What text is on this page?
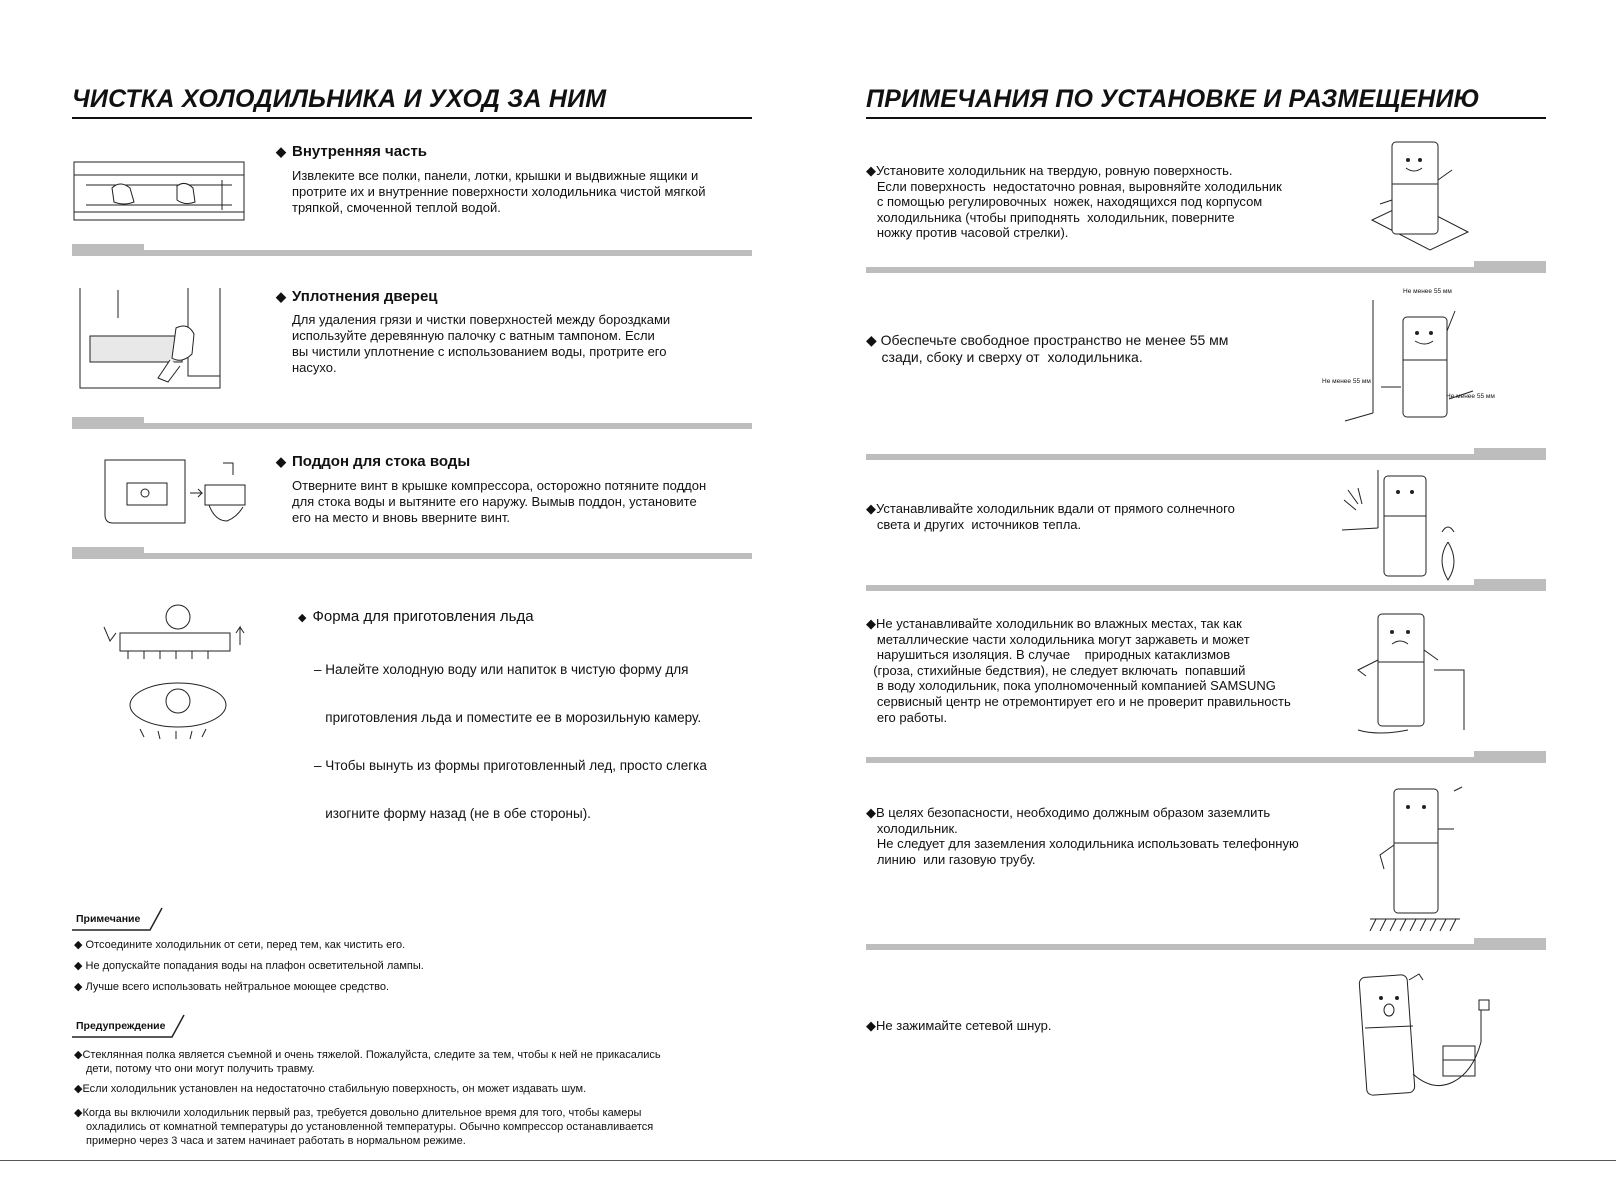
ЧИСТКА ХОЛОДИЛЬНИКА И УХОД ЗА НИМ
◆ Внутренняя часть
Извлеките все полки, панели, лотки, крышки и выдвижные ящики и
протрите их и внутренние поверхности холодильника чистой мягкой
тряпкой, смоченной теплой водой.
◆ Уплотнения дверец
Для удаления грязи и чистки поверхностей между бороздками
используйте деревянную палочку с ватным тампоном. Если
вы чистили уплотнение с использованием воды, протрите его
насухо.
◆ Поддон для стока воды
Отверните винт в крышке компрессора, осторожно потяните поддон
для стока воды и вытяните его наружу. Вымыв поддон, установите
его на место и вновь вверните винт.
◆ Форма для приготовления льда

– Налейте холодную воду или напиток в чистую форму для

приготовления льда и поместите ее в морозильную камеру.

– Чтобы вынуть из формы приготовленный лед, просто слегка

изогните форму назад (не в обе стороны).

Примечание
◆ Отсоедините холодильник от сети, перед тем, как чистить его.
◆ Не допускайте попадания воды на плафон осветительной лампы.
◆ Лучше всего использовать нейтральное моющее средство.
Предупреждение
◆Стеклянная полка является съемной и очень тяжелой. Пожалуйста, следите за тем, чтобы к ней не прикасались
дети, потому что они могут получить травму.
◆Если холодильник установлен на недостаточно стабильную поверхность, он может издавать шум.
◆Когда вы включили холодильник первый раз, требуется довольно длительное время для того, чтобы камеры
охладились от комнатной температуры до установленной температуры. Обычно компрессор останавливается
примерно через 3 часа и затем начинает работать в нормальном режиме.
ПРИМЕЧАНИЯ ПО УСТАНОВКЕ И РАЗМЕЩЕНИЮ
◆Установите холодильник на твердую, ровную поверхность.
Если поверхность  недостаточно ровная, выровняйте холодильник
с помощью регулировочных  ножек, находящихся под корпусом
холодильника (чтобы приподнять  холодильник, поверните
ножку против часовой стрелки).
◆ Обеспечьте свободное пространство не менее 55 мм
сзади, сбоку и сверху от  холодильника.
Не менее 55 мм
Не менее 55 мм
Не менее 55 мм
◆Устанавливайте холодильник вдали от прямого солнечного
света и других  источников тепла.
◆Не устанавливайте холодильник во влажных местах, так как
металлические части холодильника могут заржаветь и может
нарушиться изоляция. В случае    природных катаклизмов
(гроза, стихийные бедствия), не следует включать  попавший
в воду холодильник, пока уполномоченный компанией SAMSUNG
сервисный центр не отремонтирует его и не проверит правильность
его работы.
◆В целях безопасности, необходимо должным образом заземлить
холодильник.
Не следует для заземления холодильника использовать телефонную
линию  или газовую трубу.
◆Не зажимайте сетевой шнур.
